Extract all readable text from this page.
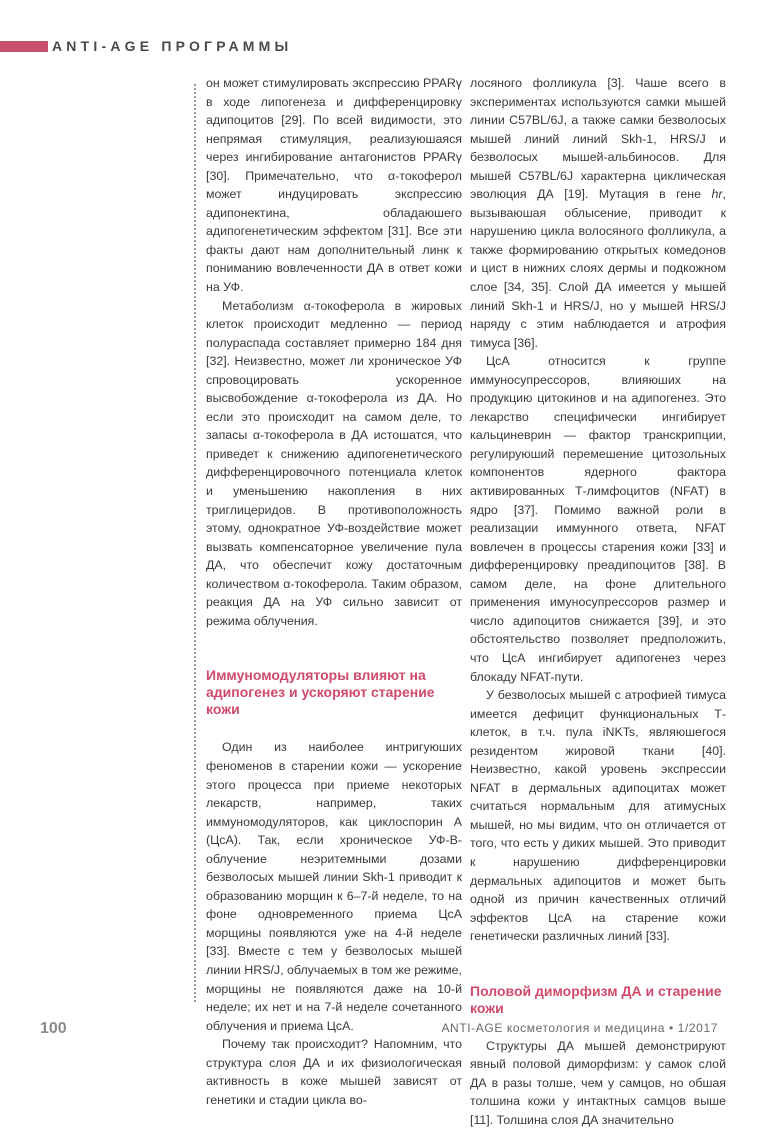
ANTI-AGE ПРОГРАММЫ

он может стимулировать экспрессию PPARγ в ходе липогенеза и дифференцировку адипоцитов [29]. По всей видимости, это непрямая стимуляция, реализуюшаяся через ингибирование антагонистов PPARγ [30]. Примечательно, что α-токоферол может индуцировать экспрессию адипонектина, обладаюшего адипогенетическим эффектом [31]. Все эти факты дают нам дополнительный линк к пониманию вовлеченности ДА в ответ кожи на УФ.

Метаболизм α-токоферола в жировых клеток происходит медленно — период полураспада составляет примерно 184 дня [32]. Неизвестно, может ли хроническое УФ спровоцировать ускоренное высвобождение α-токоферола из ДА. Но если это происходит на самом деле, то запасы α-токоферола в ДА истошатся, что приведет к снижению адипогенетического дифференцировочного потенциала клеток и уменьшению накопления в них триглицеридов. В противоположность этому, однократное УФ-воздействие может вызвать компенсаторное увеличение пула ДА, что обеспечит кожу достаточным количеством α-токоферола. Таким образом, реакция ДА на УФ сильно зависит от режима облучения.

Иммуномодуляторы влияют на адипогенез и ускоряют старение кожи

Один из наиболее интригуюших феноменов в старении кожи — ускорение этого процесса при приеме некоторых лекарств, например, таких иммуномодуляторов, как циклоспорин А (ЦсА). Так, если хроническое УФ-В-облучение неэритемными дозами безволосых мышей линии Skh-1 приводит к образованию морщин к 6–7-й неделе, то на фоне одновременного приема ЦсА морщины появляются уже на 4-й неделе [33]. Вместе с тем у безволосых мышей линии HRS/J, облучаемых в том же режиме, морщины не появляются даже на 10-й неделе; их нет и на 7-й неделе сочетанного облучения и приема ЦсА.

Почему так происходит? Напомним, что структура слоя ДА и их физиологическая активность в коже мышей зависят от генетики и стадии цикла во-

лосяного фолликула [3]. Чаше всего в экспериментах используются самки мышей линии C57BL/6J, а также самки безволосых мышей линий линий Skh-1, HRS/J и безволосых мышей-альбиносов. Для мышей C57BL/6J характерна циклическая эволюция ДА [19]. Мутация в гене hr, вызываюшая облысение, приводит к нарушению цикла волосяного фолликула, а также формированию открытых комедонов и цист в нижних слоях дермы и подкожном слое [34, 35]. Слой ДА имеется у мышей линий Skh-1 и HRS/J, но у мышей HRS/J наряду с этим наблюдается и атрофия тимуса [36].

ЦсА относится к группе иммуносупрессоров, влияюших на продукцию цитокинов и на адипогенез. Это лекарство специфически ингибирует кальциневрин — фактор транскрипции, регулируюший перемешение цитозольных компонентов ядерного фактора активированных Т-лимфоцитов (NFAT) в ядро [37]. Помимо важной роли в реализации иммунного ответа, NFAT вовлечен в процессы старения кожи [33] и дифференцировку преадипоцитов [38]. В самом деле, на фоне длительного применения имуносупрессоров размер и число адипоцитов снижается [39], и это обстоятельство позволяет предположить, что ЦсА ингибирует адипогенез через блокаду NFAT-пути.

У безволосых мышей с атрофией тимуса имеется дефицит функциональных Т-клеток, в т.ч. пула iNKTs, являюшегося резидентом жировой ткани [40]. Неизвестно, какой уровень экспрессии NFAT в дермальных адипоцитах может считаться нормальным для атимусных мышей, но мы видим, что он отличается от того, что есть у диких мышей. Это приводит к нарушению дифференцировки дермальных адипоцитов и может быть одной из причин качественных отличий эффектов ЦсА на старение кожи генетически различных линий [33].

Половой диморфизм ДА и старение кожи

Структуры ДА мышей демонстрируют явный половой диморфизм: у самок слой ДА в разы толше, чем у самцов, но обшая толшина кожи у интактных самцов выше [11]. Толшина слоя ДА значительно

100	ANTI-AGE косметология и медицина • 1/2017
